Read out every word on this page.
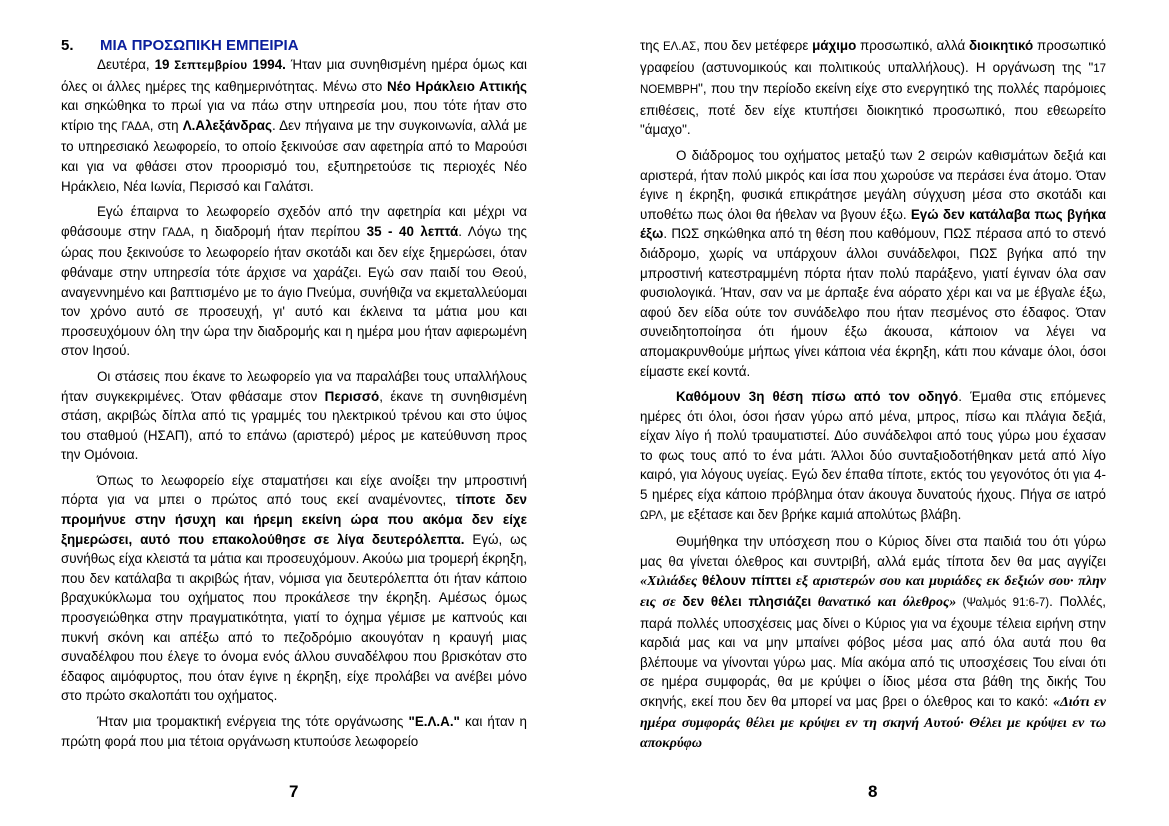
5. ΜΙΑ ΠΡΟΣΩΠΙΚΗ ΕΜΠΕΙΡΙΑ

Δευτέρα, 19 Σεπτεμβρίου 1994. Ήταν μια συνηθισμένη ημέρα όμως και όλες οι άλλες ημέρες της καθημερινότητας. Μένω στο Νέο Ηράκλειο Αττικής και σηκώθηκα το πρωί για να πάω στην υπηρεσία μου, που τότε ήταν στο κτίριο της ΓΑΔΑ, στη Λ.Αλεξάνδρας. Δεν πήγαινα με την συγκοινωνία, αλλά με το υπηρεσιακό λεωφορείο, το οποίο ξεκινούσε σαν αφετηρία από το Μαρούσι και για να φθάσει στον προορισμό του, εξυπηρετούσε τις περιοχές Νέο Ηράκλειο, Νέα Ιωνία, Περισσό και Γαλάτσι.

Εγώ έπαιρνα το λεωφορείο σχεδόν από την αφετηρία και μέχρι να φθάσουμε στην ΓΑΔΑ, η διαδρομή ήταν περίπου 35 - 40 λεπτά. Λόγω της ώρας που ξεκινούσε το λεωφορείο ήταν σκοτάδι και δεν είχε ξημερώσει, όταν φθάναμε στην υπηρεσία τότε άρχισε να χαράζει. Εγώ σαν παιδί του Θεού, αναγεννημένο και βαπτισμένο με το άγιο Πνεύμα, συνήθιζα να εκμεταλλεύομαι τον χρόνο αυτό σε προσευχή, γι' αυτό και έκλεινα τα μάτια μου και προσευχόμουν όλη την ώρα την διαδρομής και η ημέρα μου ήταν αφιερωμένη στον Ιησού.

Οι στάσεις που έκανε το λεωφορείο για να παραλάβει τους υπαλλήλους ήταν συγκεκριμένες. Όταν φθάσαμε στον Περισσό, έκανε τη συνηθισμένη στάση, ακριβώς δίπλα από τις γραμμές του ηλεκτρικού τρένου και στο ύψος του σταθμού (ΗΣΑΠ), από το επάνω (αριστερό) μέρος με κατεύθυνση προς την Ομόνοια.

Όπως το λεωφορείο είχε σταματήσει και είχε ανοίξει την μπροστινή πόρτα για να μπει ο πρώτος από τους εκεί αναμένοντες, τίποτε δεν προμήνυε στην ήσυχη και ήρεμη εκείνη ώρα που ακόμα δεν είχε ξημερώσει, αυτό που επακολούθησε σε λίγα δευτερόλεπτα. Εγώ, ως συνήθως είχα κλειστά τα μάτια και προσευχόμουν. Ακούω μια τρομερή έκρηξη, που δεν κατάλαβα τι ακριβώς ήταν, νόμισα για δευτερόλεπτα ότι ήταν κάποιο βραχυκύκλωμα του οχήματος που προκάλεσε την έκρηξη. Αμέσως όμως προσγειώθηκα στην πραγματικότητα, γιατί το όχημα γέμισε με καπνούς και πυκνή σκόνη και απέξω από το πεζοδρόμιο ακουγόταν η κραυγή μιας συναδέλφου που έλεγε το όνομα ενός άλλου συναδέλφου που βρισκόταν στο έδαφος αιμόφυρτος, που όταν έγινε η έκρηξη, είχε προλάβει να ανέβει μόνο στο πρώτο σκαλοπάτι του οχήματος.

Ήταν μια τρομακτική ενέργεια της τότε οργάνωσης "Ε.Λ.Α." και ήταν η πρώτη φορά που μια τέτοια οργάνωση κτυπούσε λεωφορείο

της ΕΛ.ΑΣ, που δεν μετέφερε μάχιμο προσωπικό, αλλά διοικητικό προσωπικό γραφείου (αστυνομικούς και πολιτικούς υπαλλήλους). Η οργάνωση της "17 ΝΟΕΜΒΡΗ", που την περίοδο εκείνη είχε στο ενεργητικό της πολλές παρόμοιες επιθέσεις, ποτέ δεν είχε κτυπήσει διοικητικό προσωπικό, που εθεωρείτο "άμαχο".

Ο διάδρομος του οχήματος μεταξύ των 2 σειρών καθισμάτων δεξιά και αριστερά, ήταν πολύ μικρός και ίσα που χωρούσε να περάσει ένα άτομο. Όταν έγινε η έκρηξη, φυσικά επικράτησε μεγάλη σύγχυση μέσα στο σκοτάδι και υποθέτω πως όλοι θα ήθελαν να βγουν έξω. Εγώ δεν κατάλαβα πως βγήκα έξω. ΠΩΣ σηκώθηκα από τη θέση που καθόμουν, ΠΩΣ πέρασα από το στενό διάδρομο, χωρίς να υπάρχουν άλλοι συνάδελφοι, ΠΩΣ βγήκα από την μπροστινή κατεστραμμένη πόρτα ήταν πολύ παράξενο, γιατί έγιναν όλα σαν φυσιολογικά. Ήταν, σαν να με άρπαξε ένα αόρατο χέρι και να με έβγαλε έξω, αφού δεν είδα ούτε τον συνάδελφο που ήταν πεσμένος στο έδαφος. Όταν συνειδητοποίησα ότι ήμουν έξω άκουσα, κάποιον να λέγει να απομακρυνθούμε μήπως γίνει κάποια νέα έκρηξη, κάτι που κάναμε όλοι, όσοι είμαστε εκεί κοντά.

Καθόμουν 3η θέση πίσω από τον οδηγό. Έμαθα στις επόμενες ημέρες ότι όλοι, όσοι ήσαν γύρω από μένα, μπρος, πίσω και πλάγια δεξιά, είχαν λίγο ή πολύ τραυματιστεί. Δύο συνάδελφοι από τους γύρω μου έχασαν το φως τους από το ένα μάτι. Άλλοι δύο συνταξιοδοτήθηκαν μετά από λίγο καιρό, για λόγους υγείας. Εγώ δεν έπαθα τίποτε, εκτός του γεγονότος ότι για 4-5 ημέρες είχα κάποιο πρόβλημα όταν άκουγα δυνατούς ήχους. Πήγα σε ιατρό ΩΡΛ, με εξέτασε και δεν βρήκε καμιά απολύτως βλάβη.

Θυμήθηκα την υπόσχεση που ο Κύριος δίνει στα παιδιά του ότι γύρω μας θα γίνεται όλεθρος και συντριβή, αλλά εμάς τίποτα δεν θα μας αγγίζει «Χιλιάδες θέλουν πίπτει εξ αριστερών σου και μυριάδες εκ δεξιών σου· πλην εις σε δεν θέλει πλησιάζει θανατικό και όλεθρος» (Ψαλμός 91:6-7). Πολλές, παρά πολλές υποσχέσεις μας δίνει ο Κύριος για να έχουμε τέλεια ειρήνη στην καρδιά μας και να μην μπαίνει φόβος μέσα μας από όλα αυτά που θα βλέπουμε να γίνονται γύρω μας. Μία ακόμα από τις υποσχέσεις Του είναι ότι σε ημέρα συμφοράς, θα με κρύψει ο ίδιος μέσα στα βάθη της δικής Του σκηνής, εκεί που δεν θα μπορεί να μας βρει ο όλεθρος και το κακό: «Διότι εν ημέρα συμφοράς θέλει με κρύψει εν τη σκηνή Αυτού· Θέλει με κρύψει εν τω αποκρύφω

7	8
